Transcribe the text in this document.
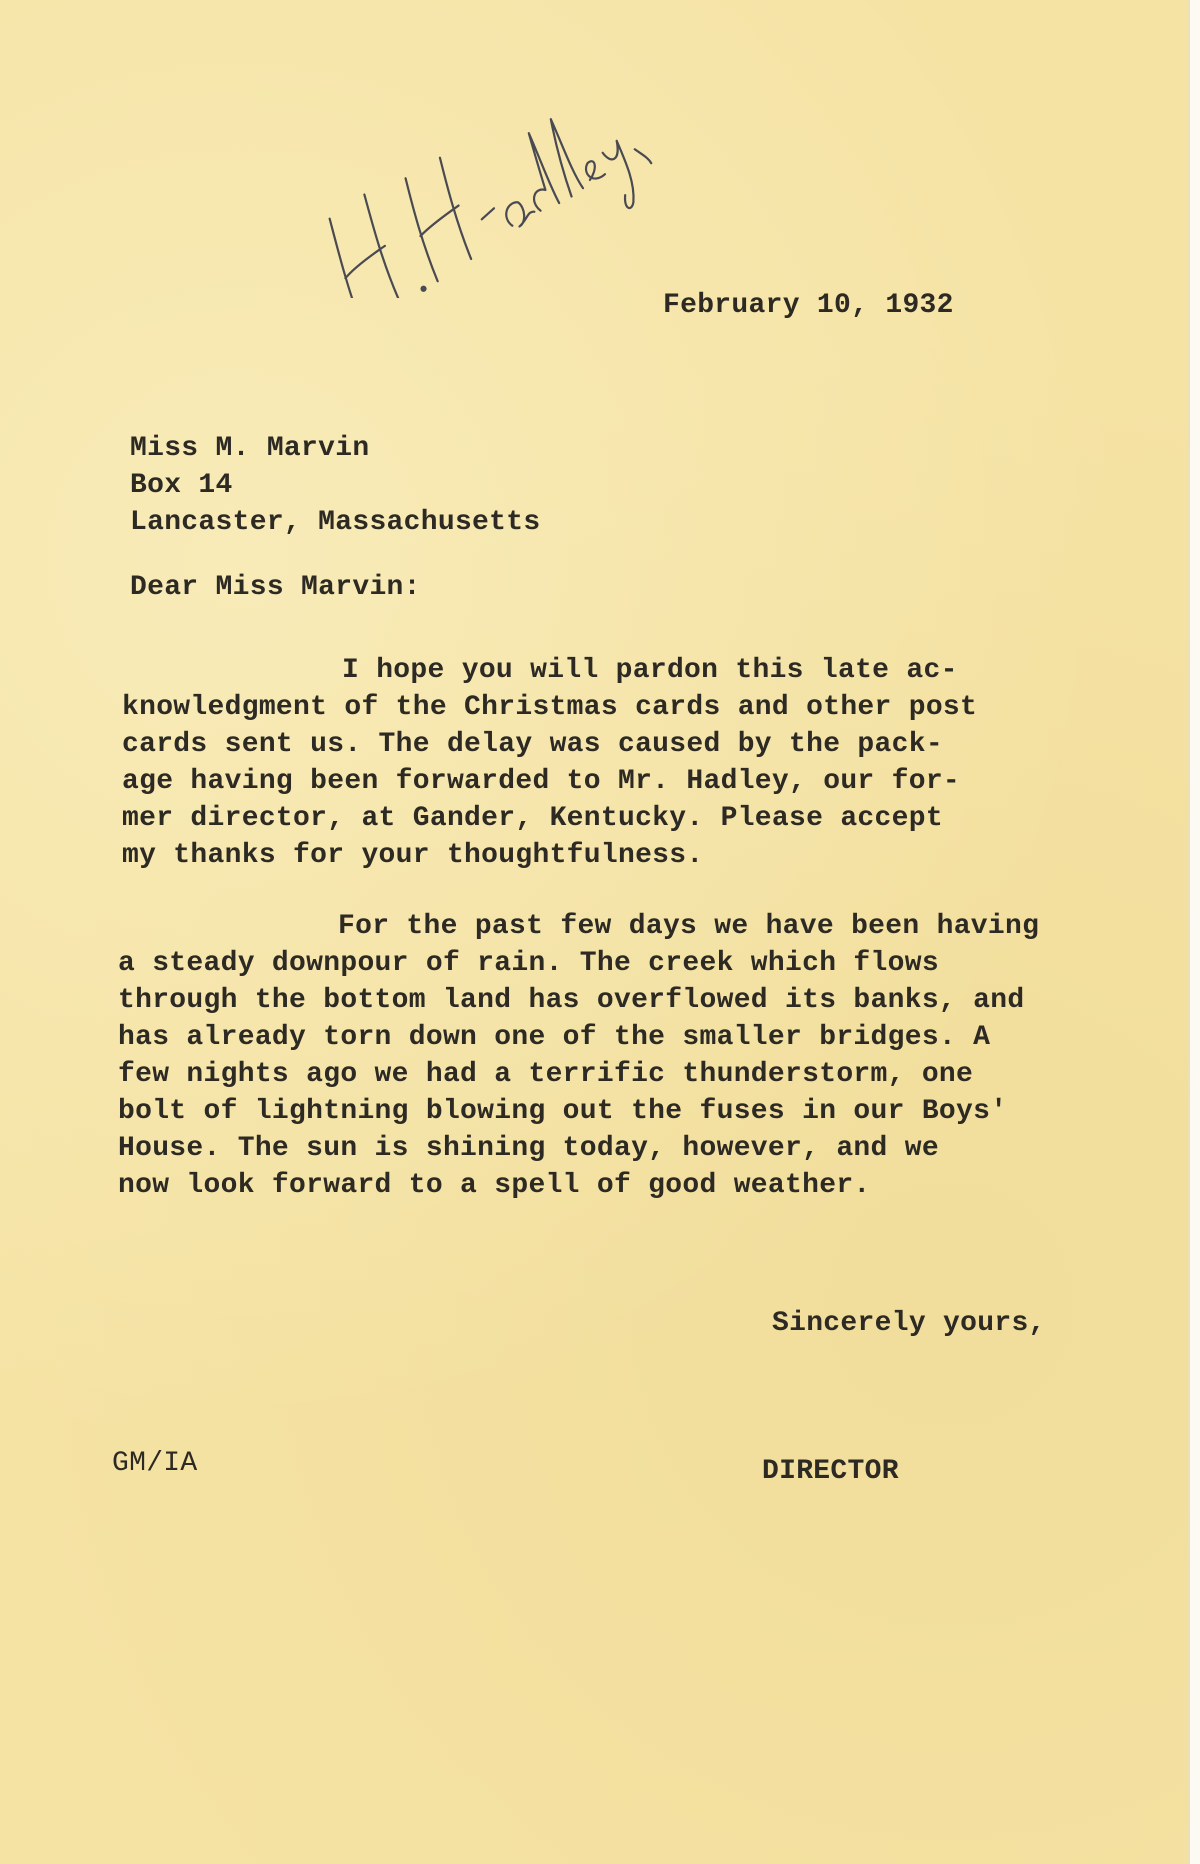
February 10, 1932

Miss M. Marvin
Box 14
Lancaster, Massachusetts

Dear Miss Marvin:

I hope you will pardon this late ac-
knowledgment of the Christmas cards and other post
cards sent us. The delay was caused by the pack-
age having been forwarded to Mr. Hadley, our for-
mer director, at Gander, Kentucky. Please accept
my thanks for your thoughtfulness.
For the past few days we have been having
a steady downpour of rain. The creek which flows
through the bottom land has overflowed its banks, and
has already torn down one of the smaller bridges. A
few nights ago we had a terrific thunderstorm, one
bolt of lightning blowing out the fuses in our Boys'
House. The sun is shining today, however, and we
now look forward to a spell of good weather.

Sincerely yours,

GM/IA	DIRECTOR
